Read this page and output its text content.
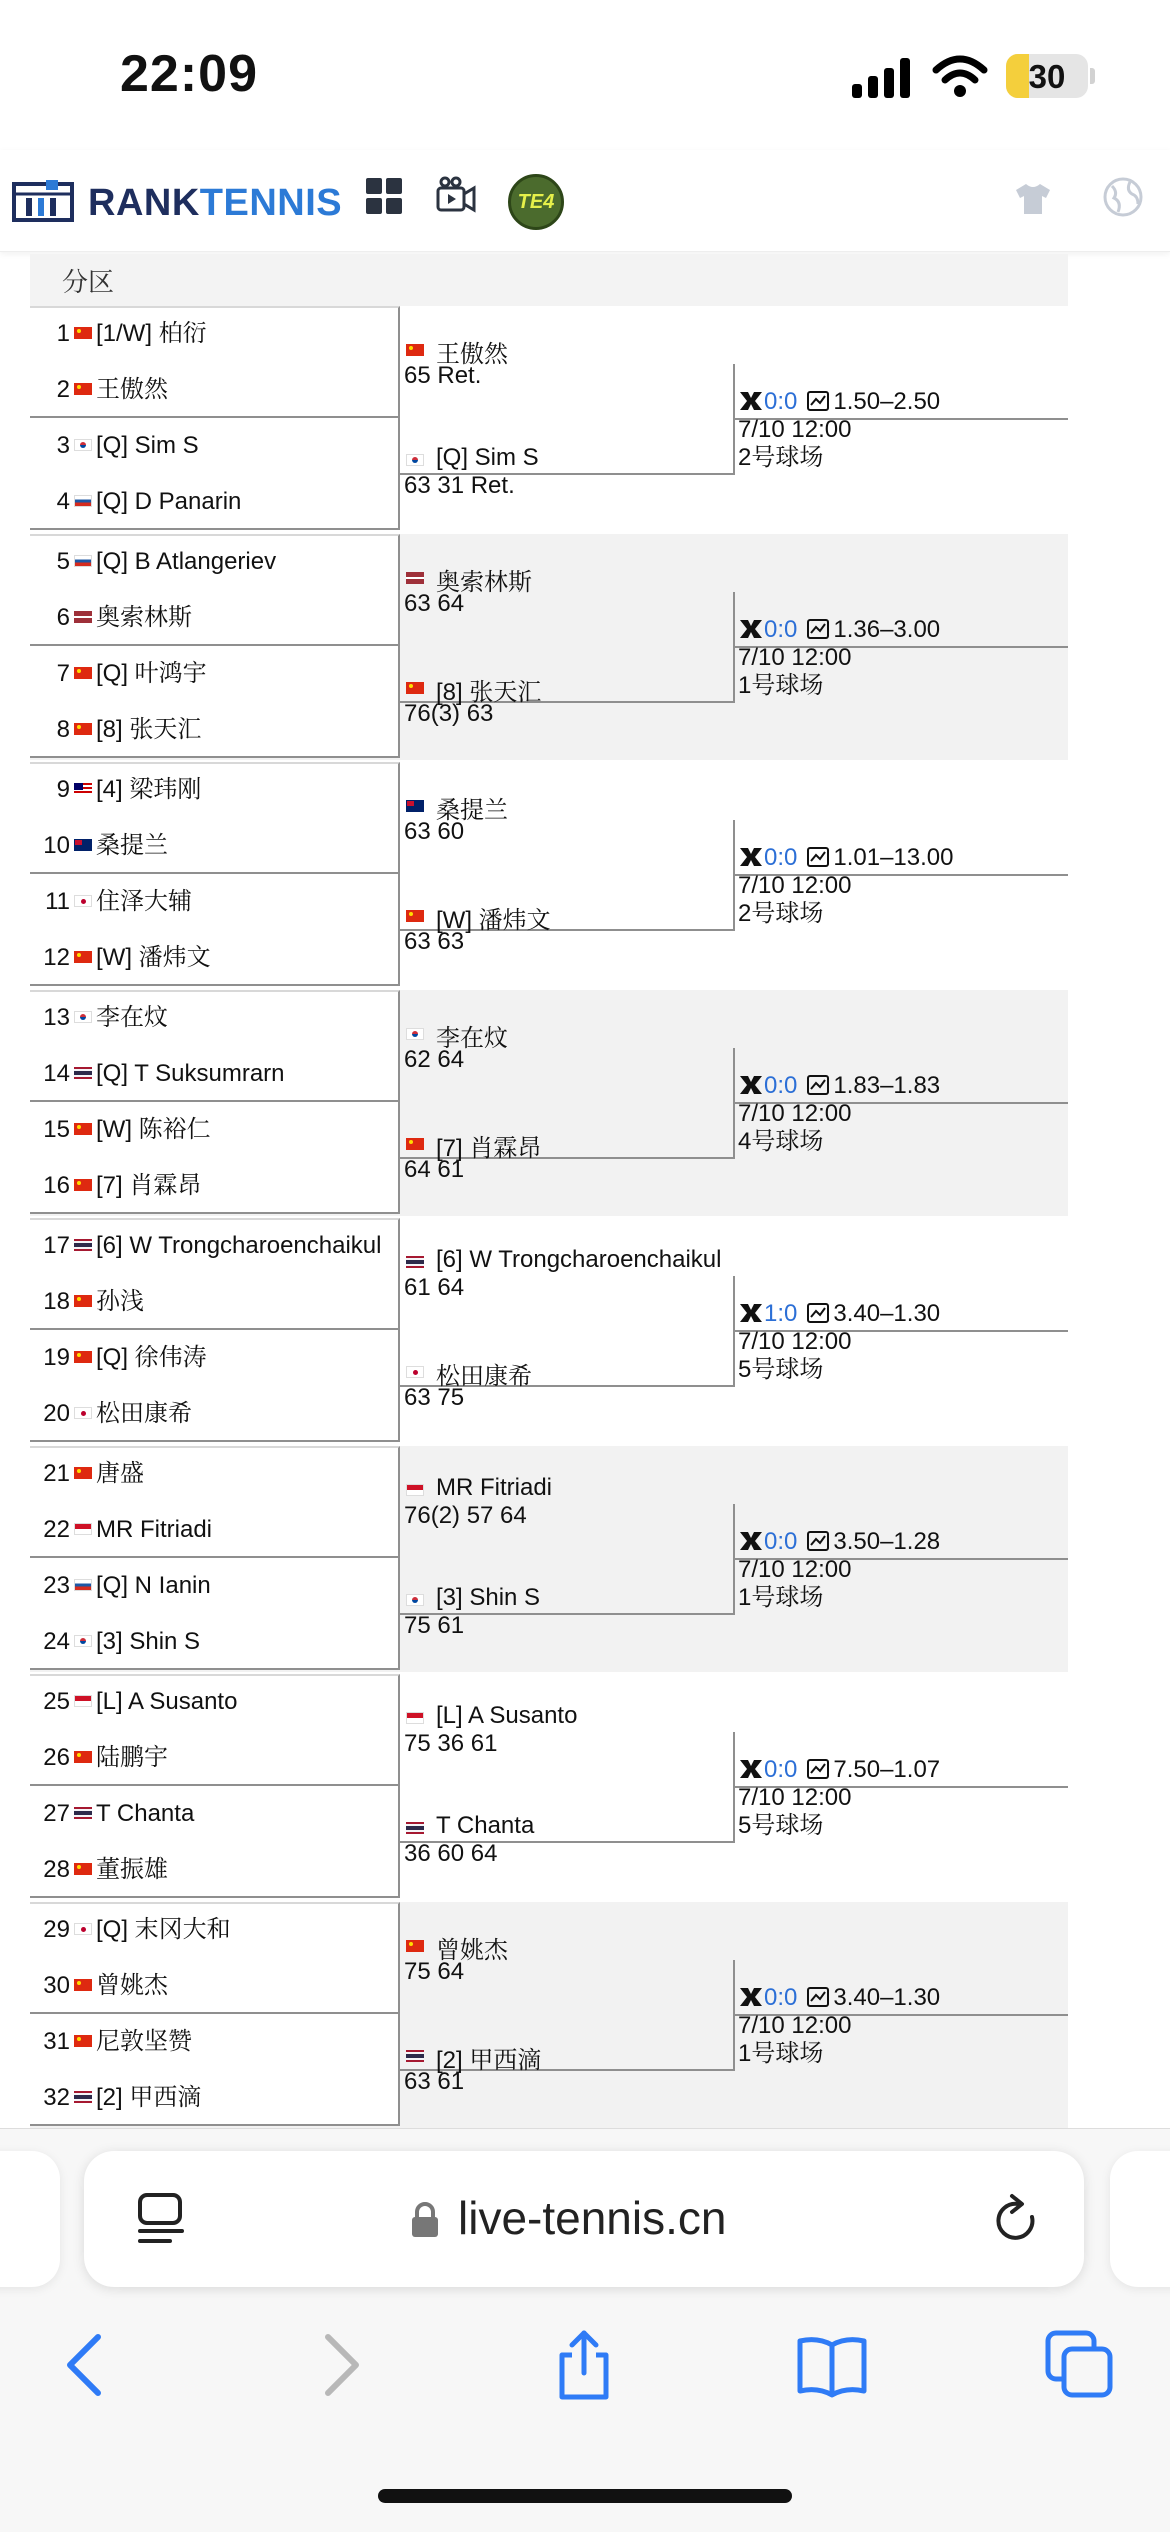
22:09	30
RANKTENNIS	TE4
分区
1 [1/W] 柏衍
2 王傲然
3 [Q] Sim S
4 [Q] D Panarin
王傲然
65 Ret.
[Q] Sim S
63 31 Ret.
0:0 1.50–2.50
7/10 12:00
2号球场
5 [Q] B Atlangeriev
6 奥索林斯
7 [Q] 叶鸿宇
8 [8] 张天汇
奥索林斯
63 64
[8] 张天汇
76(3) 63
0:0 1.36–3.00
7/10 12:00
1号球场
9 [4] 梁玮刚
10 桑提兰
11 住泽大辅
12 [W] 潘炜文
桑提兰
63 60
[W] 潘炜文
63 63
0:0 1.01–13.00
7/10 12:00
2号球场
13 李在炆
14 [Q] T Suksumrarn
15 [W] 陈裕仁
16 [7] 肖霖昂
李在炆
62 64
[7] 肖霖昂
64 61
0:0 1.83–1.83
7/10 12:00
4号球场
17 [6] W Trongcharoenchaikul
18 孙浅
19 [Q] 徐伟涛
20 松田康希
[6] W Trongcharoenchaikul
61 64
松田康希
63 75
1:0 3.40–1.30
7/10 12:00
5号球场
21 唐盛
22 MR Fitriadi
23 [Q] N Ianin
24 [3] Shin S
MR Fitriadi
76(2) 57 64
[3] Shin S
75 61
0:0 3.50–1.28
7/10 12:00
1号球场
25 [L] A Susanto
26 陆鹏宇
27 T Chanta
28 董振雄
[L] A Susanto
75 36 61
T Chanta
36 60 64
0:0 7.50–1.07
7/10 12:00
5号球场
29 [Q] 末冈大和
30 曾姚杰
31 尼敦坚赞
32 [2] 甲西滴
曾姚杰
75 64
[2] 甲西滴
63 61
0:0 3.40–1.30
7/10 12:00
1号球场
live-tennis.cn
